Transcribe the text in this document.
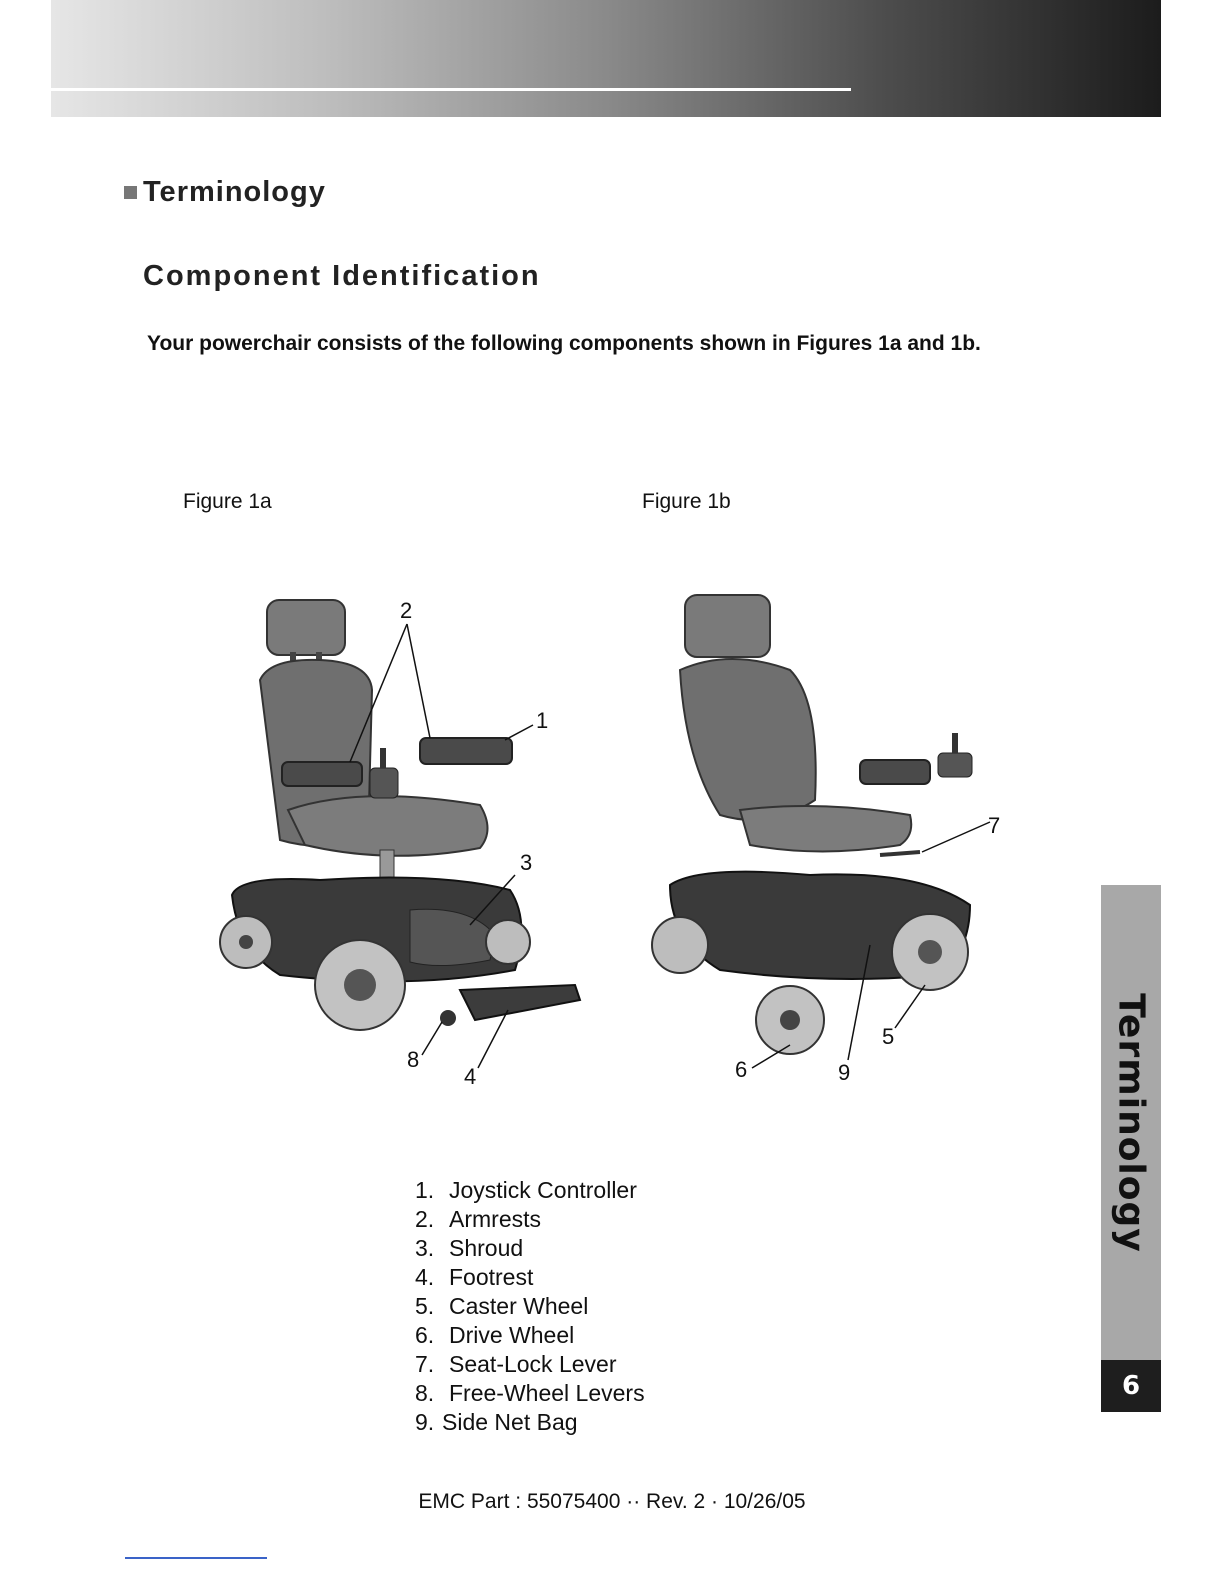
Terminology
Component Identification
Your powerchair consists of the following components shown in Figures 1a and 1b.
Figure 1a	Figure 1b
2
1
3
8
4
7
5
6	9
1. Joystick Controller
2. Armrests
3. Shroud
4. Footrest
5. Caster Wheel
6. Drive Wheel
7. Seat-Lock Lever
8. Free-Wheel Levers
9. Side Net Bag
Terminology
6
EMC Part : 55075400 ·· Rev. 2 · 10/26/05
